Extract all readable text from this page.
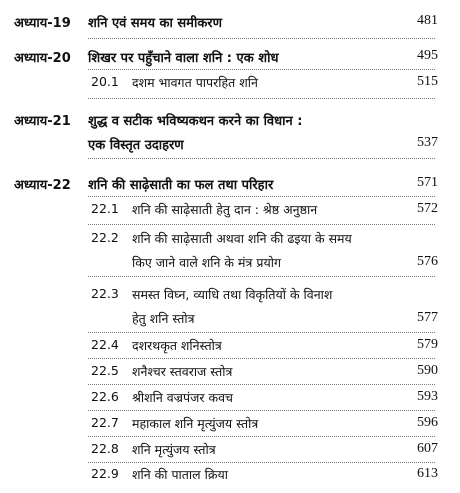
अध्याय-19 शनि एवं समय का समीकरण	481
अध्याय-20 शिखर पर पहुँचाने वाला शनि : एक शोध	495
20.1 दशम भावगत पापरहित शनि	515
अध्याय-21 शुद्ध व सटीक भविष्यकथन करने का विधान :
एक विस्तृत उदाहरण	537
अध्याय-22 शनि की साढ़ेसाती का फल तथा परिहार	571
22.1 शनि की साढ़ेसाती हेतु दान : श्रेष्ठ अनुष्ठान	572
22.2 शनि की साढ़ेसाती अथवा शनि की ढइया के समय
किए जाने वाले शनि के मंत्र प्रयोग	576
22.3 समस्त विघ्न, व्याधि तथा विकृतियों के विनाश
हेतु शनि स्तोत्र	577
22.4 दशरथकृत शनिस्तोत्र	579
22.5 शनैश्चर स्तवराज स्तोत्र	590
22.6 श्रीशनि वज्रपंजर कवच	593
22.7 महाकाल शनि मृत्युंजय स्तोत्र	596
22.8 शनि मृत्युंजय स्तोत्र	607
22.9 शनि की पाताल क्रिया	613
